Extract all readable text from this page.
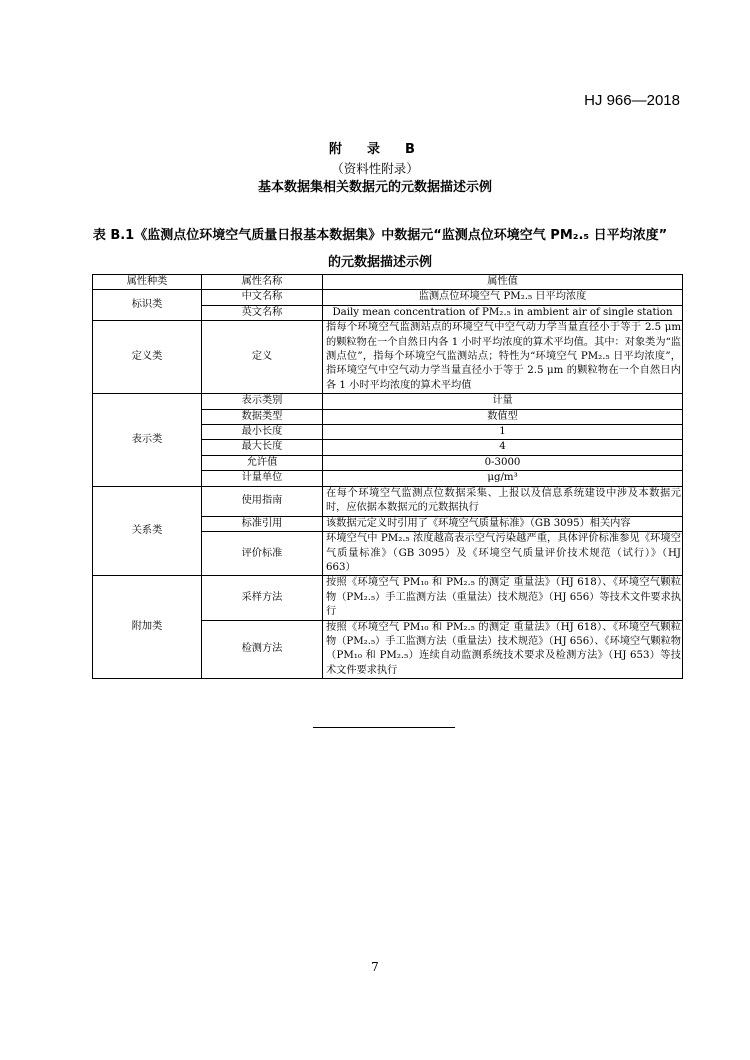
HJ 966—2018
附　录　B
（资料性附录）
基本数据集相关数据元的元数据描述示例
表 B.1《监测点位环境空气质量日报基本数据集》中数据元“监测点位环境空气 PM₂.₅ 日平均浓度”
的元数据描述示例
属性种类	属性名称	属性值
标识类	中文名称	监测点位环境空气 PM₂.₅ 日平均浓度
	英文名称	Daily mean concentration of PM₂.₅ in ambient air of single station
定义类	定义	指每个环境空气监测站点的环境空气中空气动力学当量直径小于等于 2.5 μm 的颗粒物在一个自然日内各 1 小时平均浓度的算术平均值。其中：对象类为“监测点位”，指每个环境空气监测站点；特性为“环境空气 PM₂.₅ 日平均浓度”，指环境空气中空气动力学当量直径小于等于 2.5 μm 的颗粒物在一个自然日内各 1 小时平均浓度的算术平均值
表示类	表示类别	计量
	数据类型	数值型
	最小长度	1
	最大长度	4
	允许值	0-3000
	计量单位	μg/m³
关系类	使用指南	在每个环境空气监测点位数据采集、上报以及信息系统建设中涉及本数据元时，应依据本数据元的元数据执行
	标准引用	该数据元定义时引用了《环境空气质量标准》（GB 3095）相关内容
	评价标准	环境空气中 PM₂.₅ 浓度越高表示空气污染越严重，具体评价标准参见《环境空气质量标准》（GB 3095）及《环境空气质量评价技术规范（试行）》（HJ 663）
附加类	采样方法	按照《环境空气 PM₁₀ 和 PM₂.₅ 的测定 重量法》（HJ 618）、《环境空气颗粒物（PM₂.₅）手工监测方法（重量法）技术规范》（HJ 656）等技术文件要求执行
	检测方法	按照《环境空气 PM₁₀ 和 PM₂.₅ 的测定 重量法》（HJ 618）、《环境空气颗粒物（PM₂.₅）手工监测方法（重量法）技术规范》（HJ 656）、《环境空气颗粒物（PM₁₀ 和 PM₂.₅）连续自动监测系统技术要求及检测方法》（HJ 653）等技术文件要求执行
7
